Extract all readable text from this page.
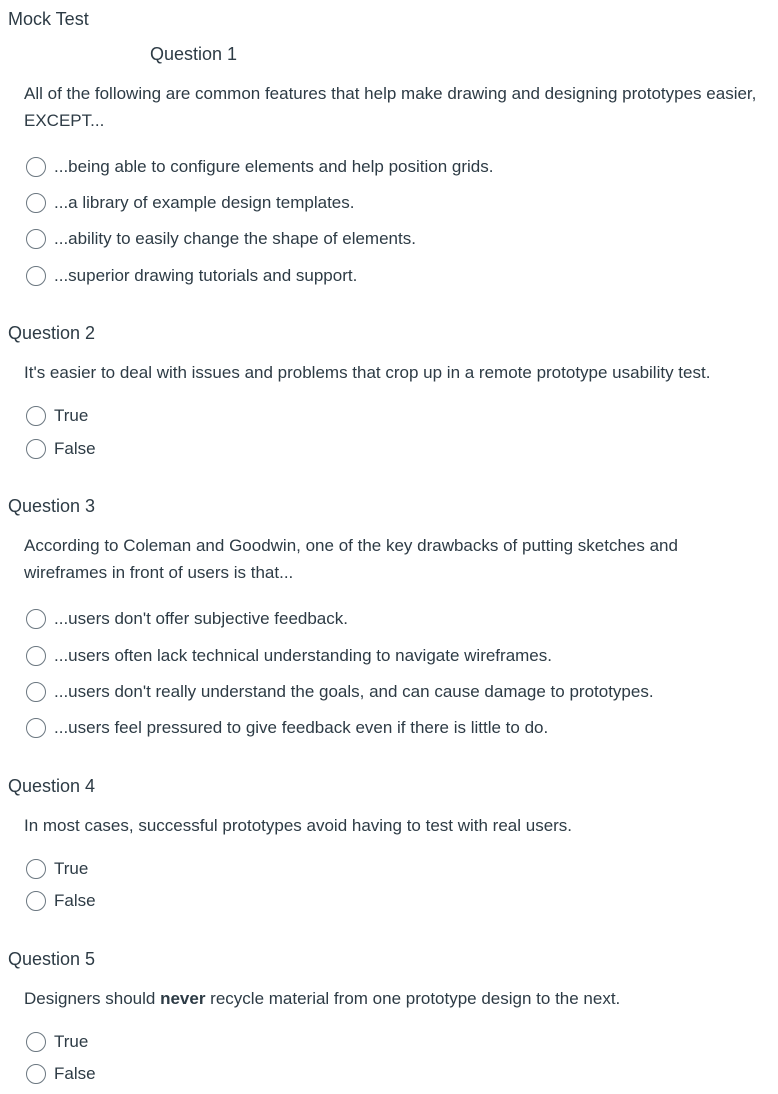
Mock Test
Question 1
All of the following are common features that help make drawing and designing prototypes easier, EXCEPT...
...being able to configure elements and help position grids.
...a library of example design templates.
...ability to easily change the shape of elements.
...superior drawing tutorials and support.
Question 2
It's easier to deal with issues and problems that crop up in a remote prototype usability test.
True
False
Question 3
According to Coleman and Goodwin, one of the key drawbacks of putting sketches and wireframes in front of users is that...
...users don't offer subjective feedback.
...users often lack technical understanding to navigate wireframes.
...users don't really understand the goals, and can cause damage to prototypes.
...users feel pressured to give feedback even if there is little to do.
Question 4
In most cases, successful prototypes avoid having to test with real users.
True
False
Question 5
Designers should never recycle material from one prototype design to the next.
True
False
